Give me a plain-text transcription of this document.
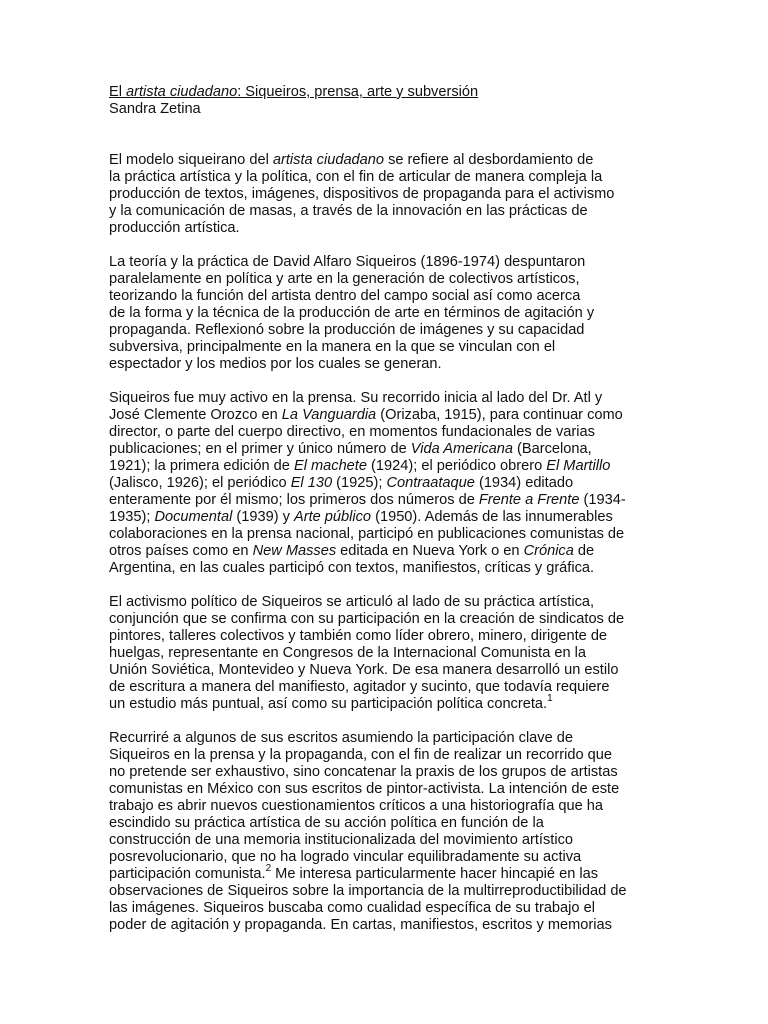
El artista ciudadano: Siqueiros, prensa, arte y subversión

Sandra Zetina

El modelo siqueirano del artista ciudadano se refiere al desbordamiento de
la práctica artística y la política, con el fin de articular de manera compleja la
producción de textos, imágenes, dispositivos de propaganda para el activismo
y la comunicación de masas, a través de la innovación en las prácticas de
producción artística.

La teoría y la práctica de David Alfaro Siqueiros (1896-1974) despuntaron
paralelamente en política y arte en la generación de colectivos artísticos,
teorizando la función del artista dentro del campo social así como acerca
de la forma y la técnica de la producción de arte en términos de agitación y
propaganda. Reflexionó sobre la producción de imágenes y su capacidad
subversiva, principalmente en la manera en la que se vinculan con el
espectador y los medios por los cuales se generan.

Siqueiros fue muy activo en la prensa. Su recorrido inicia al lado del Dr. Atl y
José Clemente Orozco en La Vanguardia (Orizaba, 1915), para continuar como
director, o parte del cuerpo directivo, en momentos fundacionales de varias
publicaciones; en el primer y único número de Vida Americana (Barcelona,
1921); la primera edición de El machete (1924); el periódico obrero El Martillo
(Jalisco, 1926); el periódico El 130 (1925); Contraataque (1934) editado
enteramente por él mismo; los primeros dos números de Frente a Frente (1934-
1935); Documental (1939) y Arte público (1950). Además de las innumerables
colaboraciones en la prensa nacional, participó en publicaciones comunistas de
otros países como en New Masses editada en Nueva York o en Crónica de
Argentina, en las cuales participó con textos, manifiestos, críticas y gráfica.

El activismo político de Siqueiros se articuló al lado de su práctica artística,
conjunción que se confirma con su participación en la creación de sindicatos de
pintores, talleres colectivos y también como líder obrero, minero, dirigente de
huelgas, representante en Congresos de la Internacional Comunista en la
Unión Soviética, Montevideo y Nueva York. De esa manera desarrolló un estilo
de escritura a manera del manifiesto, agitador y sucinto, que todavía requiere
un estudio más puntual, así como su participación política concreta.$^1$

Recurriré a algunos de sus escritos asumiendo la participación clave de
Siqueiros en la prensa y la propaganda, con el fin de realizar un recorrido que
no pretende ser exhaustivo, sino concatenar la praxis de los grupos de artistas
comunistas en México con sus escritos de pintor-activista. La intención de este
trabajo es abrir nuevos cuestionamientos críticos a una historiografía que ha
escindido su práctica artística de su acción política en función de la
construcción de una memoria institucionalizada del movimiento artístico
posrevolucionario, que no ha logrado vincular equilibradamente su activa
participación comunista.$^2$ Me interesa particularmente hacer hincapié en las
observaciones de Siqueiros sobre la importancia de la multirreproductibilidad de
las imágenes. Siqueiros buscaba como cualidad específica de su trabajo el
poder de agitación y propaganda. En cartas, manifiestos, escritos y memorias
